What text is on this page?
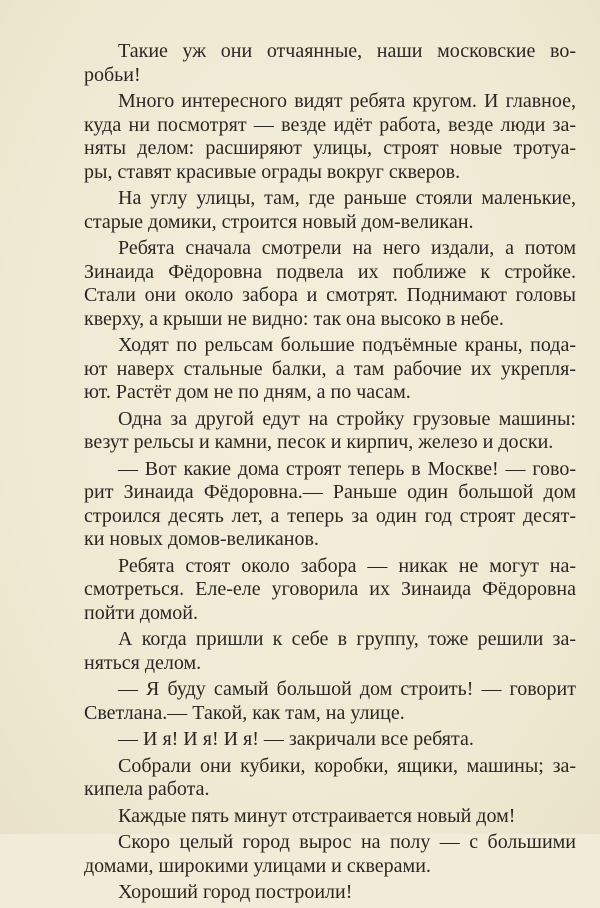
Такие уж они отчаянные, наши московские во-
робьи!
Много интересного видят ребята кругом. И главное,
куда ни посмотрят — везде идёт работа, везде люди за-
няты делом: расширяют улицы, строят новые тротуа-
ры, ставят красивые ограды вокруг скверов.
На углу улицы, там, где раньше стояли маленькие,
старые домики, строится новый дом-великан.
Ребята сначала смотрели на него издали, а потом
Зинаида Фёдоровна подвела их поближе к стройке.
Стали они около забора и смотрят. Поднимают головы
кверху, а крыши не видно: так она высоко в небе.
Ходят по рельсам большие подъёмные краны, пода-
ют наверх стальные балки, а там рабочие их укрепля-
ют. Растёт дом не по дням, а по часам.
Одна за другой едут на стройку грузовые машины:
везут рельсы и камни, песок и кирпич, железо и доски.
— Вот какие дома строят теперь в Москве! — гово-
рит Зинаида Фёдоровна.— Раньше один большой дом
строился десять лет, а теперь за один год строят десят-
ки новых домов-великанов.
Ребята стоят около забора — никак не могут на-
смотреться. Еле-еле уговорила их Зинаида Фёдоровна
пойти домой.
А когда пришли к себе в группу, тоже решили за-
няться делом.
— Я буду самый большой дом строить! — говорит
Светлана.— Такой, как там, на улице.
— И я! И я! И я! — закричали все ребята.
Собрали они кубики, коробки, ящики, машины; за-
кипела работа.
Каждые пять минут отстраивается новый дом!
Скоро целый город вырос на полу — с большими
домами, широкими улицами и скверами.
Хороший город построили!
